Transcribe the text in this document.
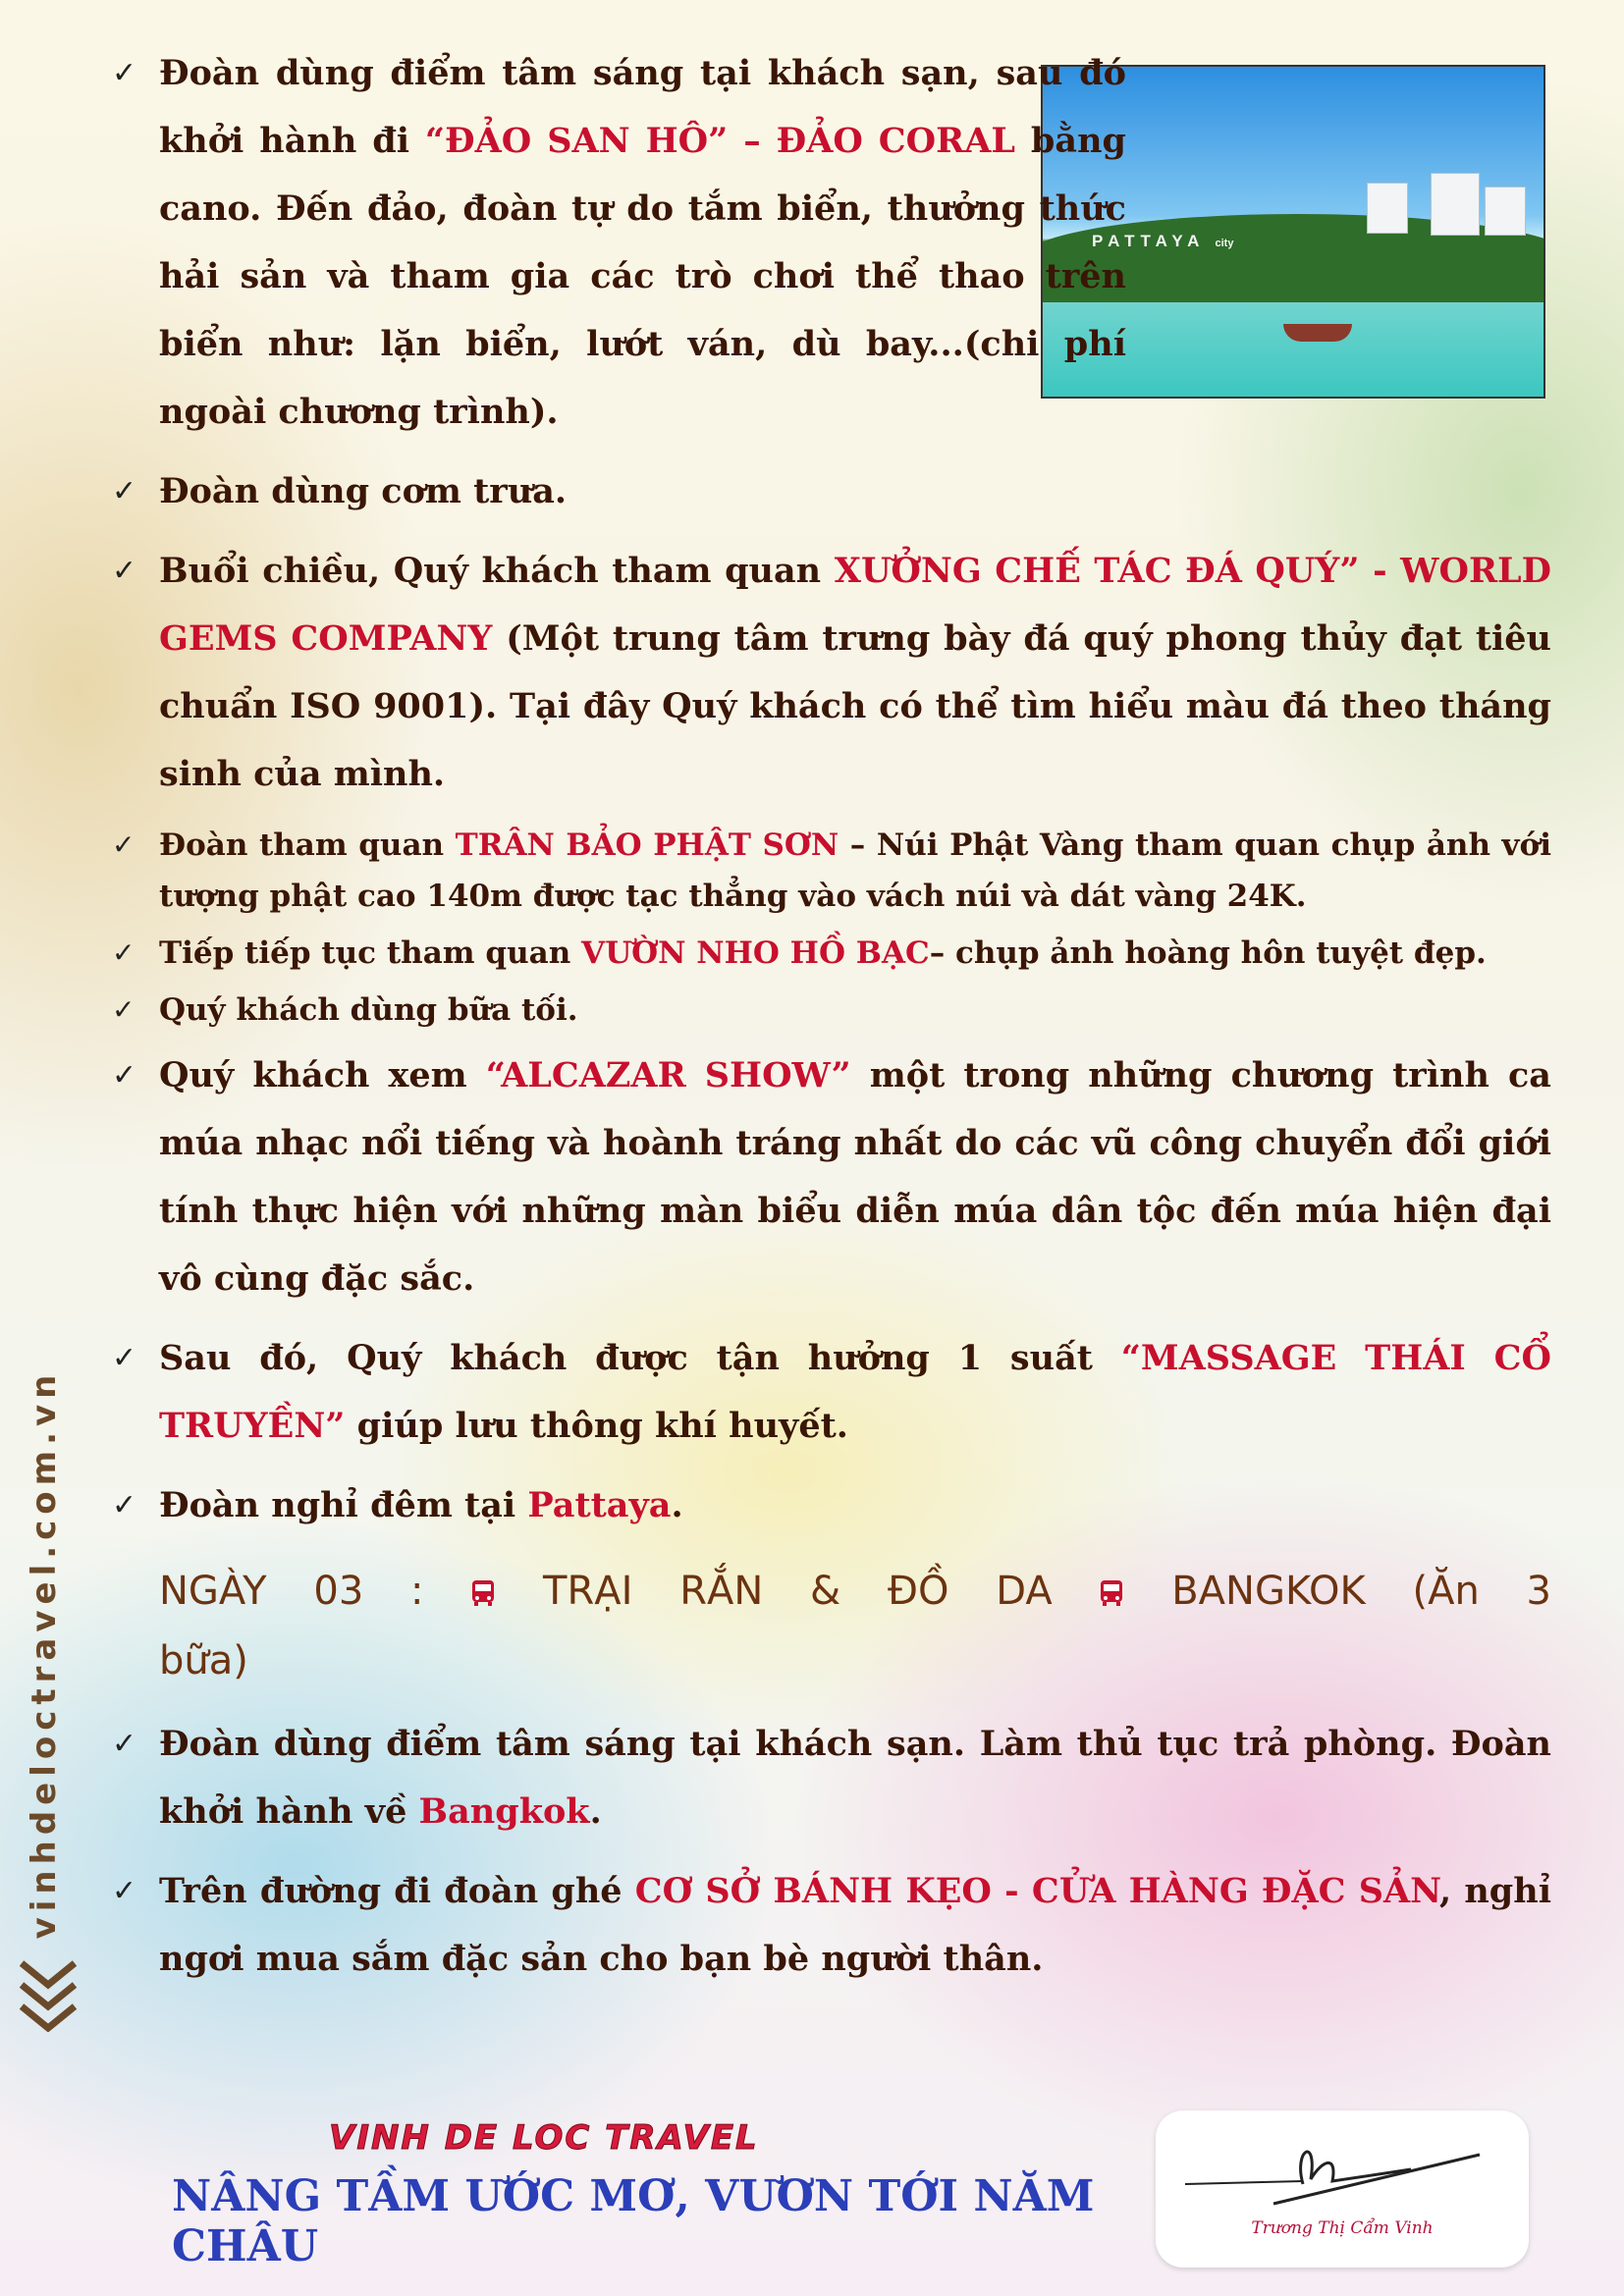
PATTAYA city
✓ Đoàn dùng điểm tâm sáng tại khách sạn, sau đó khởi hành đi “ĐẢO SAN HÔ” – ĐẢO CORAL bằng cano. Đến đảo, đoàn tự do tắm biển, thưởng thức hải sản và tham gia các trò chơi thể thao trên biển như: lặn biển, lướt ván, dù bay...(chi phí ngoài chương trình).
✓ Đoàn dùng cơm trưa.
✓ Buổi chiều, Quý khách tham quan XƯỞNG CHẾ TÁC ĐÁ QUÝ” - WORLD GEMS COMPANY (Một trung tâm trưng bày đá quý phong thủy đạt tiêu chuẩn ISO 9001). Tại đây Quý khách có thể tìm hiểu màu đá theo tháng sinh của mình.
✓ Đoàn tham quan TRÂN BẢO PHẬT SƠN – Núi Phật Vàng tham quan chụp ảnh với tượng phật cao 140m được tạc thẳng vào vách núi và dát vàng 24K.
✓ Tiếp tiếp tục tham quan VƯỜN NHO HỒ BẠC– chụp ảnh hoàng hôn tuyệt đẹp.
✓ Quý khách dùng bữa tối.
✓ Quý khách xem “ALCAZAR SHOW” một trong những chương trình ca múa nhạc nổi tiếng và hoành tráng nhất do các vũ công chuyển đổi giới tính thực hiện với những màn biểu diễn múa dân tộc đến múa hiện đại vô cùng đặc sắc.
✓ Sau đó, Quý khách được tận hưởng 1 suất “MASSAGE THÁI CỔ TRUYỀN” giúp lưu thông khí huyết.
✓ Đoàn nghỉ đêm tại Pattaya.
NGÀY 03 :	TRẠI RẮN & ĐỒ DA	BANGKOK (Ăn 3
bữa)
✓ Đoàn dùng điểm tâm sáng tại khách sạn. Làm thủ tục trả phòng. Đoàn khởi hành về Bangkok.
✓ Trên đường đi đoàn ghé CƠ SỞ BÁNH KẸO - CỬA HÀNG ĐẶC SẢN, nghỉ ngơi mua sắm đặc sản cho bạn bè người thân.
vinhdeloctravel.com.vn
VINH DE LOC TRAVEL
NÂNG TẦM ƯỚC MƠ, VƯƠN TỚI NĂM CHÂU	Trương Thị Cẩm Vinh
